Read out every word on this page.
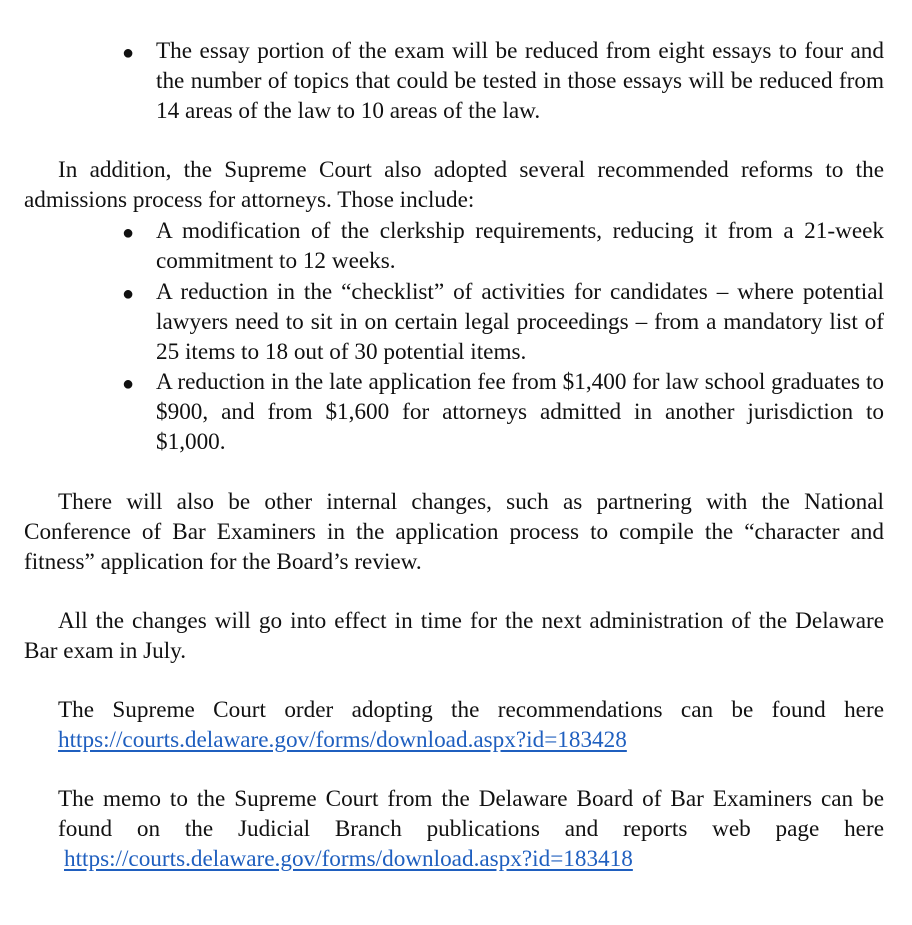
● The essay portion of the exam will be reduced from eight essays to four and the number of topics that could be tested in those essays will be reduced from 14 areas of the law to 10 areas of the law.

In addition, the Supreme Court also adopted several recommended reforms to the admissions process for attorneys. Those include:

● A modification of the clerkship requirements, reducing it from a 21-week commitment to 12 weeks.

● A reduction in the “checklist” of activities for candidates – where potential lawyers need to sit in on certain legal proceedings – from a mandatory list of 25 items to 18 out of 30 potential items.

● A reduction in the late application fee from $1,400 for law school graduates to $900, and from $1,600 for attorneys admitted in another jurisdiction to $1,000.

There will also be other internal changes, such as partnering with the National Conference of Bar Examiners in the application process to compile the “character and fitness” application for the Board’s review.

All the changes will go into effect in time for the next administration of the Delaware Bar exam in July.

The Supreme Court order adopting the recommendations can be found here

https://courts.delaware.gov/forms/download.aspx?id=183428

The memo to the Supreme Court from the Delaware Board of Bar Examiners can be found on the Judicial Branch publications and reports web page here https://courts.delaware.gov/forms/download.aspx?id=183418
